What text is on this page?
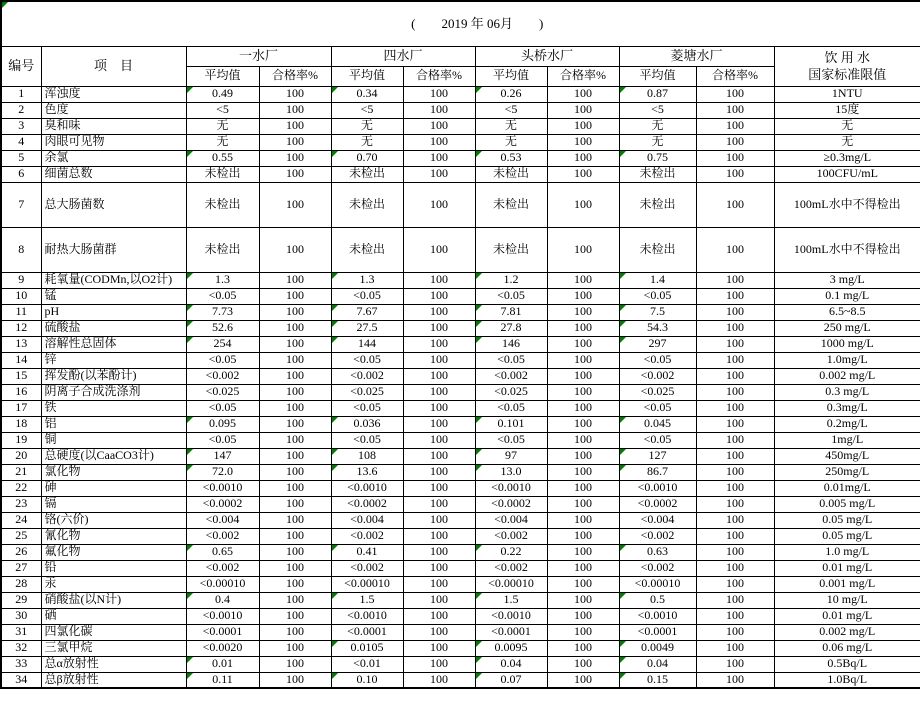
(        2019 年 06月        )										

编号	项　目	一水厂		四水厂		头桥水厂		菱塘水厂		饮 用 水
国家标准限值

		平均值	合格率%	平均值	合格率%	平均值	合格率%	平均值	合格率%	
1	浑浊度	0.49	100	0.34	100	0.26	100	0.87	100	1NTU
2	色度	<5	100	<5	100	<5	100	<5	100	15度
3	臭和味	无	100	无	100	无	100	无	100	无
4	肉眼可见物	无	100	无	100	无	100	无	100	无
5	余氯	0.55	100	0.70	100	0.53	100	0.75	100	≥0.3mg/L
6	细菌总数	未检出	100	未检出	100	未检出	100	未检出	100	100CFU/mL
7	总大肠菌数	未检出	100	未检出	100	未检出	100	未检出	100	100mL水中不得检出
8	耐热大肠菌群	未检出	100	未检出	100	未检出	100	未检出	100	100mL水中不得检出
9	耗氧量(CODMn,以O2计)	1.3	100	1.3	100	1.2	100	1.4	100	3 mg/L
10	锰	<0.05	100	<0.05	100	<0.05	100	<0.05	100	0.1 mg/L
11	pH	7.73	100	7.67	100	7.81	100	7.5	100	6.5~8.5
12	硫酸盐	52.6	100	27.5	100	27.8	100	54.3	100	250 mg/L
13	溶解性总固体	254	100	144	100	146	100	297	100	1000 mg/L
14	锌	<0.05	100	<0.05	100	<0.05	100	<0.05	100	1.0mg/L
15	挥发酚(以苯酚计)	<0.002	100	<0.002	100	<0.002	100	<0.002	100	0.002 mg/L
16	阴离子合成洗涤剂	<0.025	100	<0.025	100	<0.025	100	<0.025	100	0.3 mg/L
17	铁	<0.05	100	<0.05	100	<0.05	100	<0.05	100	0.3mg/L
18	铝	0.095	100	0.036	100	0.101	100	0.045	100	0.2mg/L
19	铜	<0.05	100	<0.05	100	<0.05	100	<0.05	100	1mg/L
20	总硬度(以CaaCO3计)	147	100	108	100	97	100	127	100	450mg/L
21	氯化物	72.0	100	13.6	100	13.0	100	86.7	100	250mg/L
22	砷	<0.0010	100	<0.0010	100	<0.0010	100	<0.0010	100	0.01mg/L
23	镉	<0.0002	100	<0.0002	100	<0.0002	100	<0.0002	100	0.005 mg/L
24	铬(六价)	<0.004	100	<0.004	100	<0.004	100	<0.004	100	0.05 mg/L
25	氰化物	<0.002	100	<0.002	100	<0.002	100	<0.002	100	0.05 mg/L
26	氟化物	0.65	100	0.41	100	0.22	100	0.63	100	1.0 mg/L
27	铅	<0.002	100	<0.002	100	<0.002	100	<0.002	100	0.01 mg/L
28	汞	<0.00010	100	<0.00010	100	<0.00010	100	<0.00010	100	0.001 mg/L
29	硝酸盐(以N计)	0.4	100	1.5	100	1.5	100	0.5	100	10 mg/L
30	硒	<0.0010	100	<0.0010	100	<0.0010	100	<0.0010	100	0.01 mg/L
31	四氯化碳	<0.0001	100	<0.0001	100	<0.0001	100	<0.0001	100	0.002 mg/L
32	三氯甲烷	<0.0020	100	0.0105	100	0.0095	100	0.0049	100	0.06 mg/L
33	总α放射性	0.01	100	<0.01	100	0.04	100	0.04	100	0.5Bq/L
34	总β放射性	0.11	100	0.10	100	0.07	100	0.15	100	1.0Bq/L
